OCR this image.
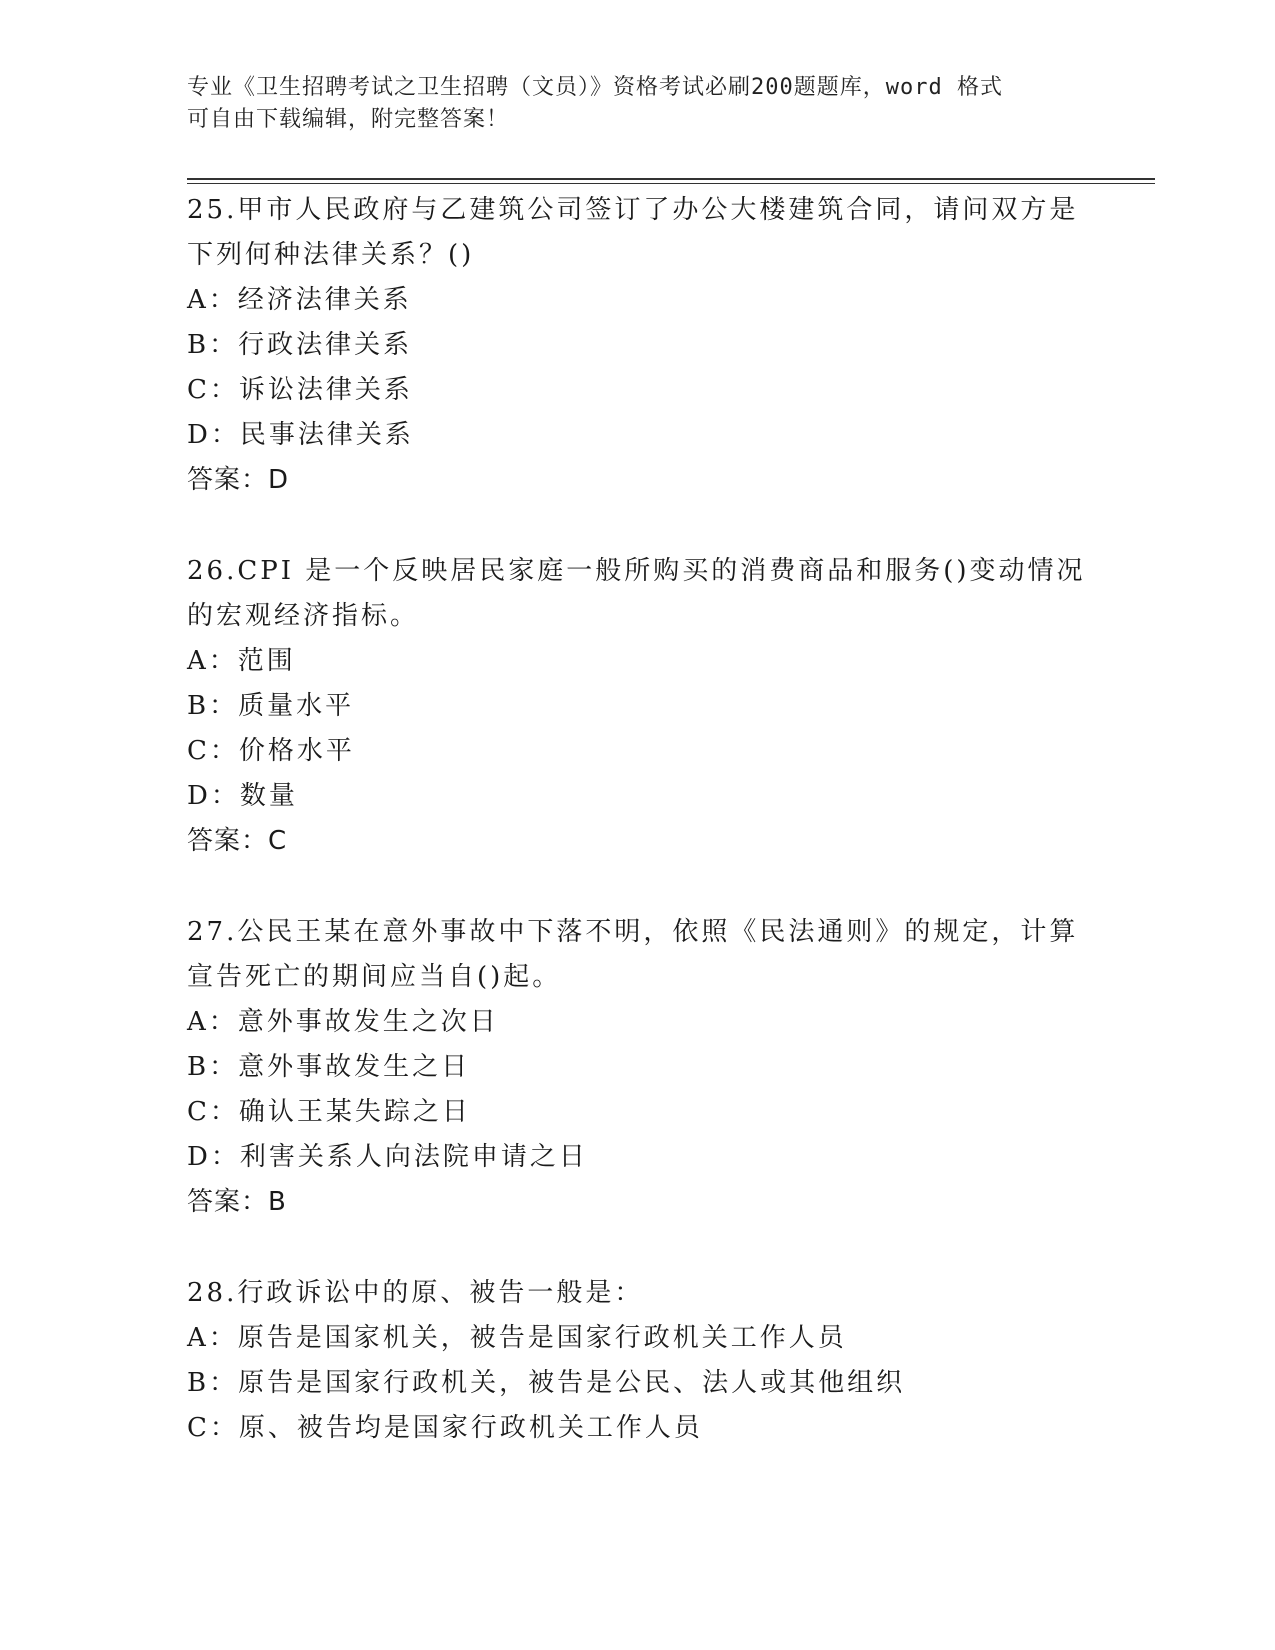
专业《卫生招聘考试之卫生招聘（文员）》资格考试必刷200题题库，word 格式
可自由下载编辑，附完整答案！
25.甲市人民政府与乙建筑公司签订了办公大楼建筑合同，请问双方是
下列何种法律关系？()
A：经济法律关系
B：行政法律关系
C：诉讼法律关系
D：民事法律关系
答案：D
26.CPI 是一个反映居民家庭一般所购买的消费商品和服务()变动情况
的宏观经济指标。
A：范围
B：质量水平
C：价格水平
D：数量
答案：C
27.公民王某在意外事故中下落不明，依照《民法通则》的规定，计算
宣告死亡的期间应当自()起。
A：意外事故发生之次日
B：意外事故发生之日
C：确认王某失踪之日
D：利害关系人向法院申请之日
答案：B
28.行政诉讼中的原、被告一般是：
A：原告是国家机关，被告是国家行政机关工作人员
B：原告是国家行政机关，被告是公民、法人或其他组织
C：原、被告均是国家行政机关工作人员
